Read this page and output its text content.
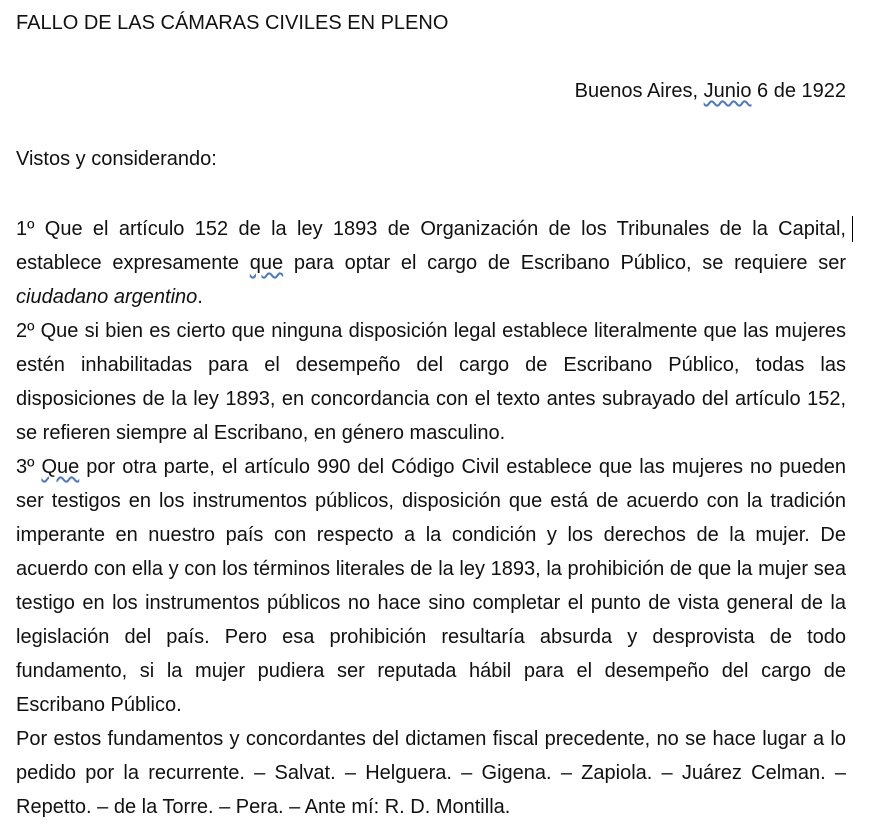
FALLO DE LAS CÁMARAS CIVILES EN PLENO
Buenos Aires, Junio 6 de 1922
Vistos y considerando:

1º Que el artículo 152 de la ley 1893 de Organización de los Tribunales de la Capital, establece expresamente que para optar el cargo de Escribano Público, se requiere ser ciudadano argentino.

2º Que si bien es cierto que ninguna disposición legal establece literalmente que las mujeres estén inhabilitadas para el desempeño del cargo de Escribano Público, todas las disposiciones de la ley 1893, en concordancia con el texto antes subrayado del artículo 152, se refieren siempre al Escribano, en género masculino.

3º Que por otra parte, el artículo 990 del Código Civil establece que las mujeres no pueden ser testigos en los instrumentos públicos, disposición que está de acuerdo con la tradición imperante en nuestro país con respecto a la condición y los derechos de la mujer. De acuerdo con ella y con los términos literales de la ley 1893, la prohibición de que la mujer sea testigo en los instrumentos públicos no hace sino completar el punto de vista general de la legislación del país. Pero esa prohibición resultaría absurda y desprovista de todo fundamento, si la mujer pudiera ser reputada hábil para el desempeño del cargo de Escribano Público.

Por estos fundamentos y concordantes del dictamen fiscal precedente, no se hace lugar a lo pedido por la recurrente. – Salvat. – Helguera. – Gigena. – Zapiola. – Juárez Celman. – Repetto. – de la Torre. – Pera. – Ante mí: R. D. Montilla.
